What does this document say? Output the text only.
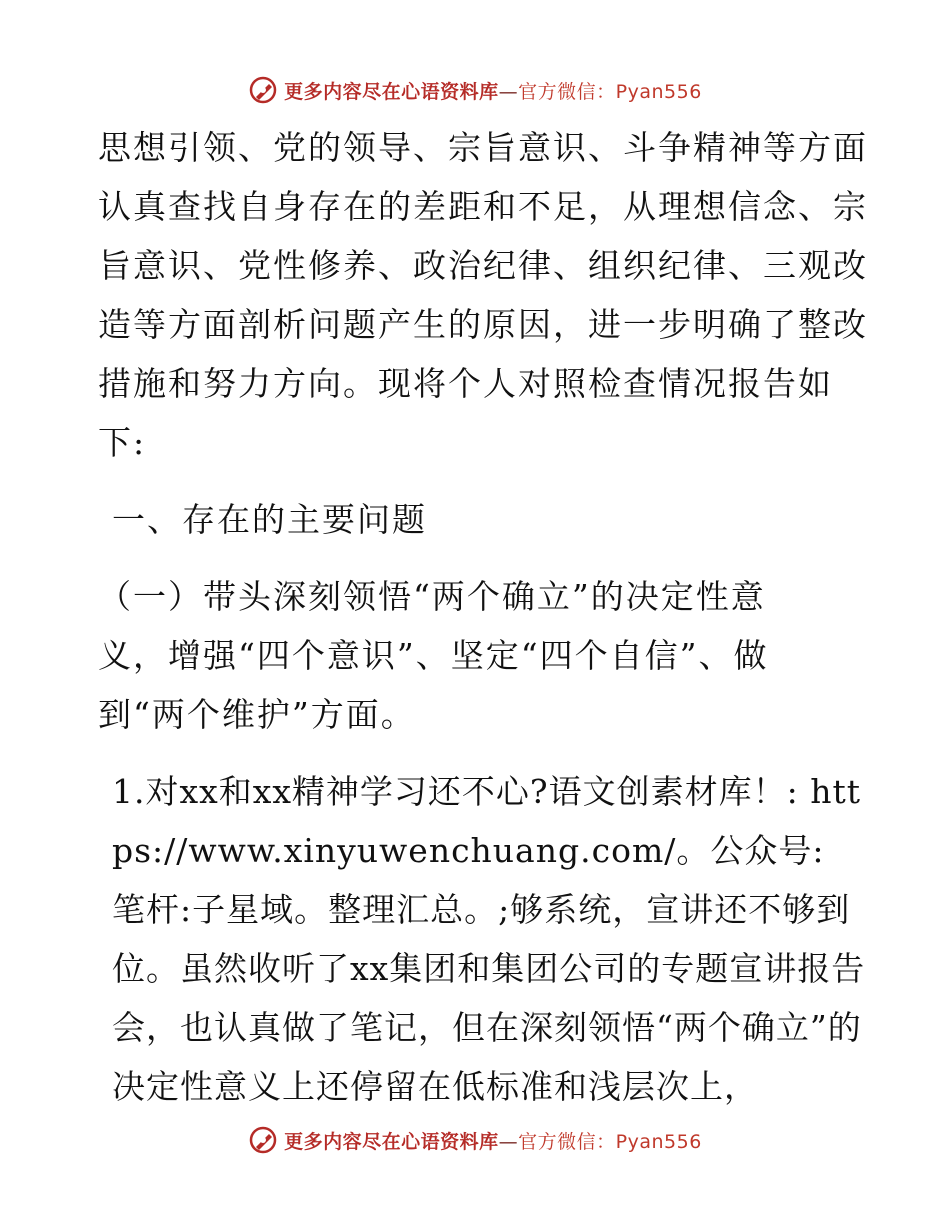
更多内容尽在心语资料库—官方微信：Pyan556

思想引领、党的领导、宗旨意识、斗争精神等方面认真查找自身存在的差距和不足，从理想信念、宗旨意识、党性修养、政治纪律、组织纪律、三观改造等方面剖析问题产生的原因，进一步明确了整改措施和努力方向。现将个人对照检查情况报告如下:

一、存在的主要问题

（一）带头深刻领悟“两个确立”的决定性意义，增强“四个意识”、坚定“四个自信”、做到“两个维护”方面。

1.对xx和xx精神学习还不心?语文创素材库！: https://www.xinyuwenchuang.com/。公众号: 笔杆:子星域。整理汇总。;够系统，宣讲还不够到位。虽然收听了xx集团和集团公司的专题宣讲报告会，也认真做了笔记，但在深刻领悟“两个确立”的决定性意义上还停留在低标准和浅层次上，

更多内容尽在心语资料库—官方微信：Pyan556
